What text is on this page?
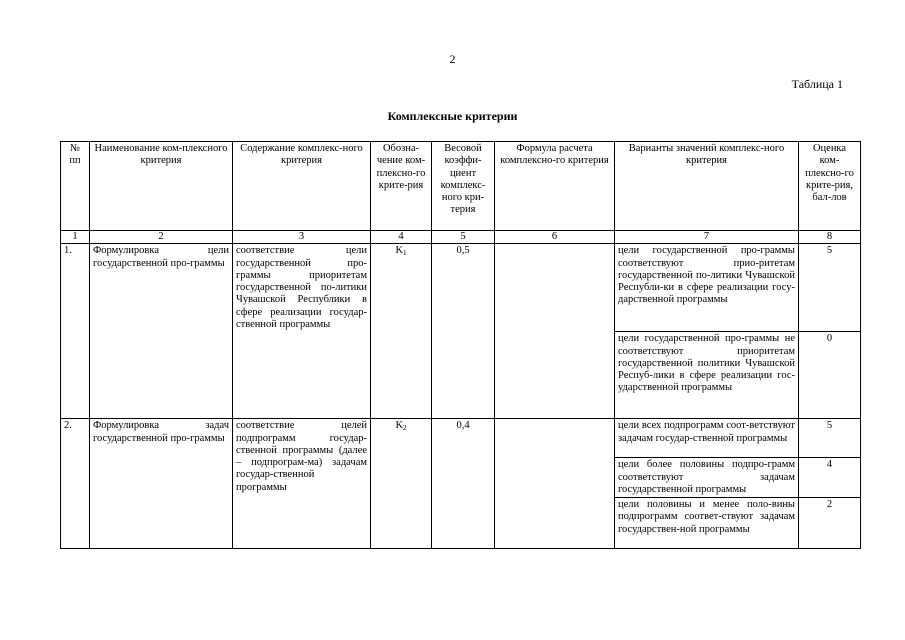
2
Таблица 1
Комплексные критерии
№ пп	Наименование ком-плексного критерия	Содержание комплекс-ного критерия	Обозна-чение ком-плексно-го крите-рия	Весовой коэффи-циент комплекс-ного кри-терия	Формула расчета комплексно-го критерия	Варианты значений комплекс-ного критерия	Оценка ком-плексно-го крите-рия, бал-лов
1	2	3	4	5	6	7	8
1.	Формулировка цели государственной про-граммы	соответствие цели государственной про-граммы приоритетам государственной по-литики Чувашской Республики в сфере реализации государ-ственной программы	$K_1$	0,5		цели государственной про-граммы соответствуют прио-ритетам государственной по-литики Чувашской Республи-ки в сфере реализации госу-дарственной программы	5
						цели государственной про-граммы не соответствуют приоритетам государственной политики Чувашской Респуб-лики в сфере реализации гос-ударственной программы	0
2.	Формулировка задач государственной про-граммы	соответствие целей подпрограмм государ-ственной программы (далее – подпрограм-ма) задачам государ-ственной программы	$K_2$	0,4		цели всех подпрограмм соот-ветствуют задачам государ-ственной программы	5
						цели более половины подпро-грамм соответствуют задачам государственной программы	4
						цели половины и менее поло-вины подпрограмм соответ-ствуют задачам государствен-ной программы	2
